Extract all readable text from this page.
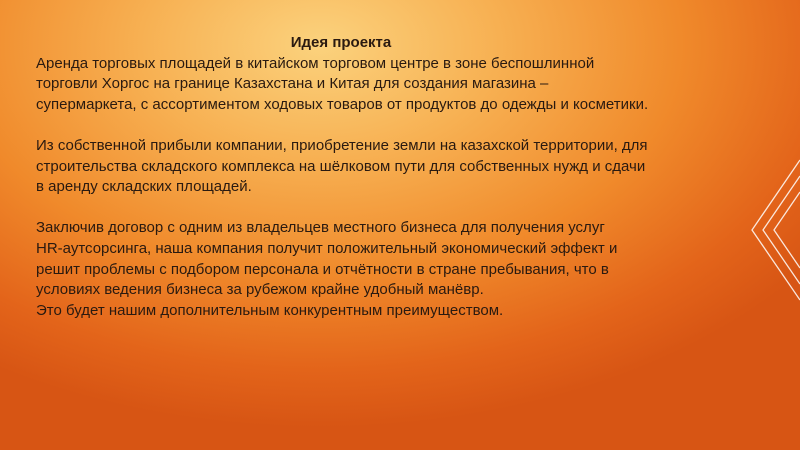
Идея проекта

Аренда торговых площадей в китайском торговом центре в зоне беспошлинной
торговли Хоргос на границе Казахстана и Китая для создания магазина –
супермаркета, с ассортиментом ходовых товаров от продуктов до одежды и косметики.

Из собственной прибыли компании, приобретение земли на казахской территории, для
строительства складского комплекса на шёлковом пути для собственных нужд и сдачи
в аренду складских площадей.

Заключив договор с одним из владельцев местного бизнеса для получения услуг
HR-аутсорсинга, наша компания получит положительный экономический эффект и
решит проблемы с подбором персонала и отчётности в стране пребывания, что в
условиях ведения бизнеса за рубежом крайне удобный манёвр.

Это будет нашим дополнительным конкурентным преимуществом.
